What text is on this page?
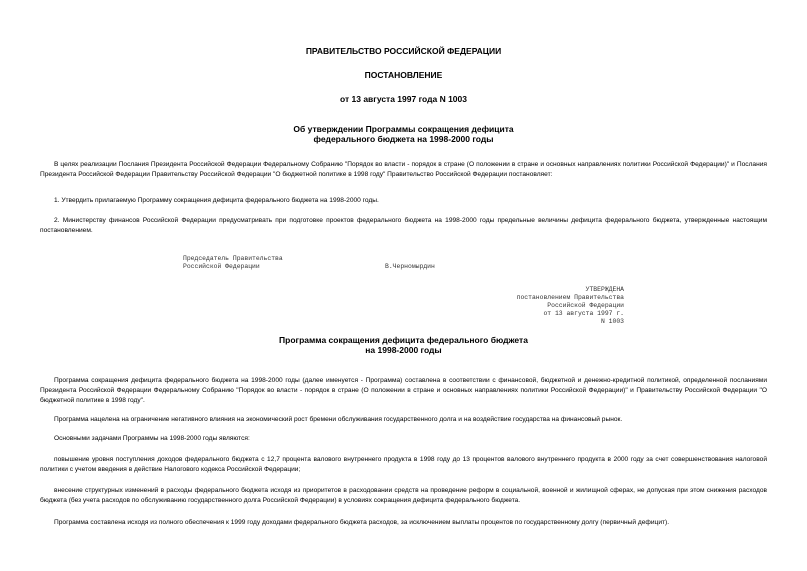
ПРАВИТЕЛЬСТВО РОССИЙСКОЙ ФЕДЕРАЦИИ
ПОСТАНОВЛЕНИЕ
от 13 августа 1997 года N 1003
Об утверждении Программы сокращения дефицита
федерального бюджета на 1998-2000 годы
В целях реализации Послания Президента Российской Федерации Федеральному Собранию "Порядок во власти - порядок в стране (О положении в стране и основных направлениях политики Российской Федерации)" и Послания Президента Российской Федерации Правительству Российской Федерации "О бюджетной политике в 1998 году" Правительство Российской Федерации постановляет:
1. Утвердить прилагаемую Программу сокращения дефицита федерального бюджета на 1998-2000 годы.
2. Министерству финансов Российской Федерации предусматривать при подготовке проектов федерального бюджета на 1998-2000 годы предельные величины дефицита федерального бюджета, утвержденные настоящим постановлением.
Председатель Правительства
Российской Федерации	В.Черномырдин
УТВЕРЖДЕНА
постановлением Правительства
Российской Федерации
от 13 августа 1997 г.
N 1003
Программа сокращения дефицита федерального бюджета
на 1998-2000 годы
Программа сокращения дефицита федерального бюджета на 1998-2000 годы (далее именуется - Программа) составлена в соответствии с финансовой, бюджетной и денежно-кредитной политикой, определенной посланиями Президента Российской Федерации Федеральному Собранию "Порядок во власти - порядок в стране (О положении в стране и основных направлениях политики Российской Федерации)" и Правительству Российской Федерации "О бюджетной политике в 1998 году".
Программа нацелена на ограничение негативного влияния на экономический рост бремени обслуживания государственного долга и на воздействие государства на финансовый рынок.
Основными задачами Программы на 1998-2000 годы являются:
повышение уровня поступления доходов федерального бюджета с 12,7 процента валового внутреннего продукта в 1998 году до 13 процентов валового внутреннего продукта в 2000 году за счет совершенствования налоговой политики с учетом введения в действие Налогового кодекса Российской Федерации;
внесение структурных изменений в расходы федерального бюджета исходя из приоритетов в расходовании средств на проведение реформ в социальной, военной и жилищной сферах, не допуская при этом снижения расходов бюджета (без учета расходов по обслуживанию государственного долга Российской Федерации) в условиях сокращения дефицита федерального бюджета.
Программа составлена исходя из полного обеспечения к 1999 году доходами федерального бюджета расходов, за исключением выплаты процентов по государственному долгу (первичный дефицит).
